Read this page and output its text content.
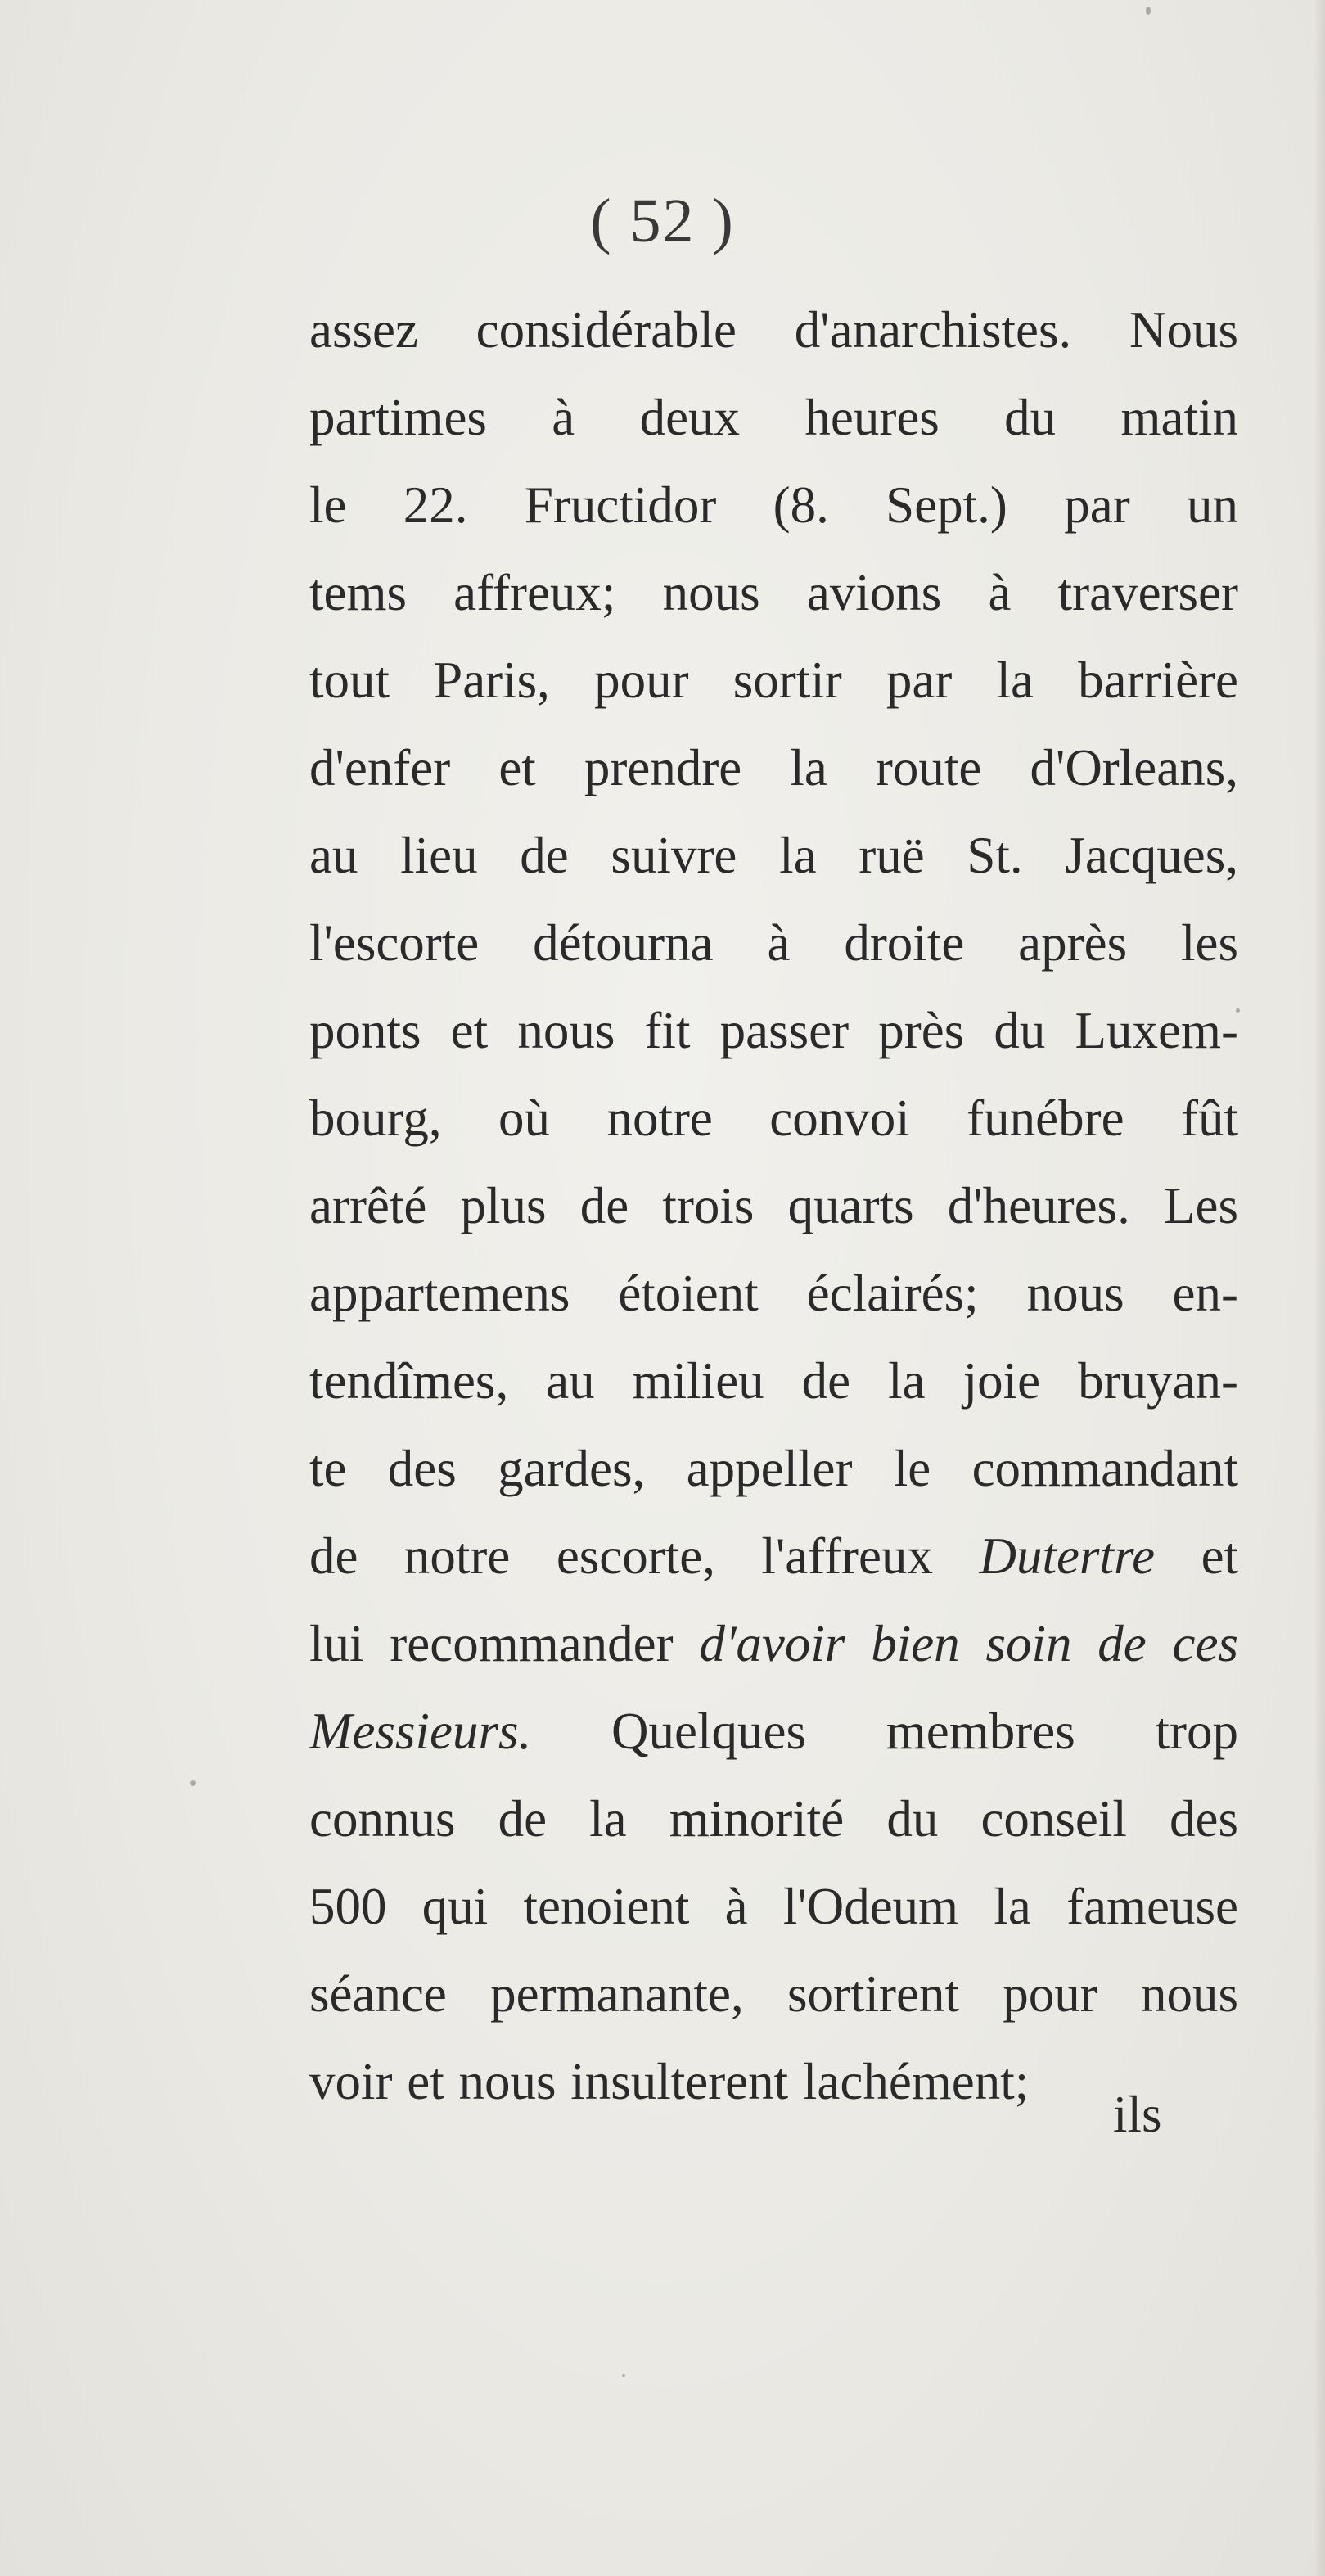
( 52 )
assez considérable d'anarchistes. Nous
partimes à deux heures du matin
le 22. Fructidor (8. Sept.) par un
tems affreux; nous avions à traverser
tout Paris, pour sortir par la barrière
d'enfer et prendre la route d'Orleans,
au lieu de suivre la ruë St. Jacques,
l'escorte détourna à droite après les
ponts et nous fit passer près du Luxem-
bourg, où notre convoi funébre fût
arrêté plus de trois quarts d'heures. Les
appartemens étoient éclairés; nous en-
tendîmes, au milieu de la joie bruyan-
te des gardes, appeller le commandant
de notre escorte, l'affreux Dutertre et
lui recommander d'avoir bien soin de ces
Messieurs. Quelques membres trop
connus de la minorité du conseil des
500 qui tenoient à l'Odeum la fameuse
séance permanante, sortirent pour nous
voir et nous insulterent lachément;
ils
